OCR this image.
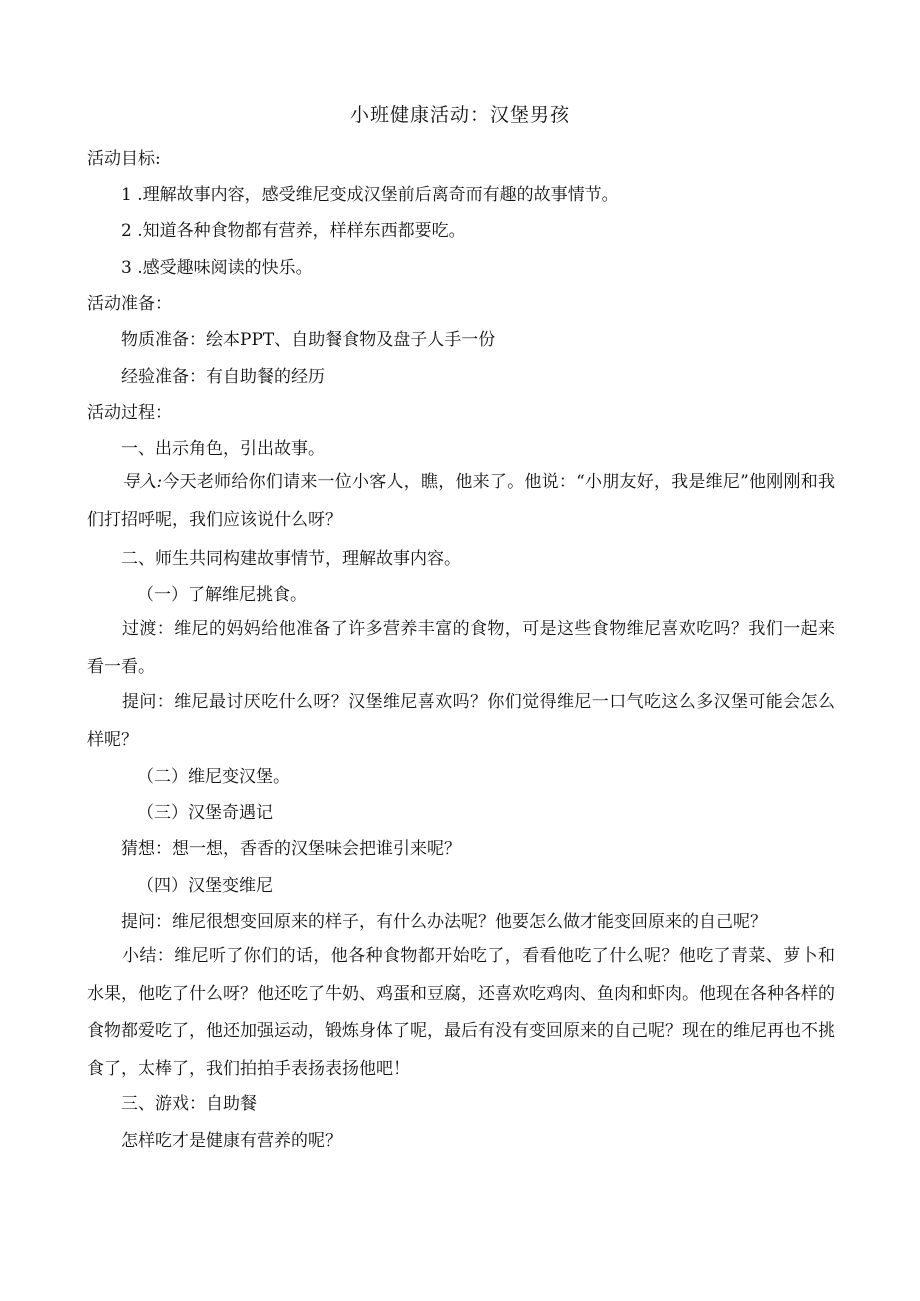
小班健康活动：汉堡男孩
活动目标:
1 .理解故事内容，感受维尼变成汉堡前后离奇而有趣的故事情节。
2 .知道各种食物都有营养，样样东西都要吃。
3 .感受趣味阅读的快乐。
活动准备：
物质准备：绘本PPT、自助餐食物及盘子人手一份
经验准备：有自助餐的经历
活动过程：
一、出示角色，引出故事。
导入:今天老师给你们请来一位小客人，瞧，他来了。他说：“小朋友好，我是维尼”他刚刚和我们打招呼呢，我们应该说什么呀？
二、师生共同构建故事情节，理解故事内容。
（一）了解维尼挑食。
过渡：维尼的妈妈给他准备了许多营养丰富的食物，可是这些食物维尼喜欢吃吗？我们一起来看一看。
提问：维尼最讨厌吃什么呀？汉堡维尼喜欢吗？你们觉得维尼一口气吃这么多汉堡可能会怎么样呢？
（二）维尼变汉堡。
（三）汉堡奇遇记
猜想：想一想，香香的汉堡味会把谁引来呢？
（四）汉堡变维尼
提问：维尼很想变回原来的样子，有什么办法呢？他要怎么做才能变回原来的自己呢？
小结：维尼听了你们的话，他各种食物都开始吃了，看看他吃了什么呢？他吃了青菜、萝卜和水果，他吃了什么呀？他还吃了牛奶、鸡蛋和豆腐，还喜欢吃鸡肉、鱼肉和虾肉。他现在各种各样的食物都爱吃了，他还加强运动，锻炼身体了呢，最后有没有变回原来的自己呢？现在的维尼再也不挑食了，太棒了，我们拍拍手表扬表扬他吧！
三、游戏：自助餐
怎样吃才是健康有营养的呢？
